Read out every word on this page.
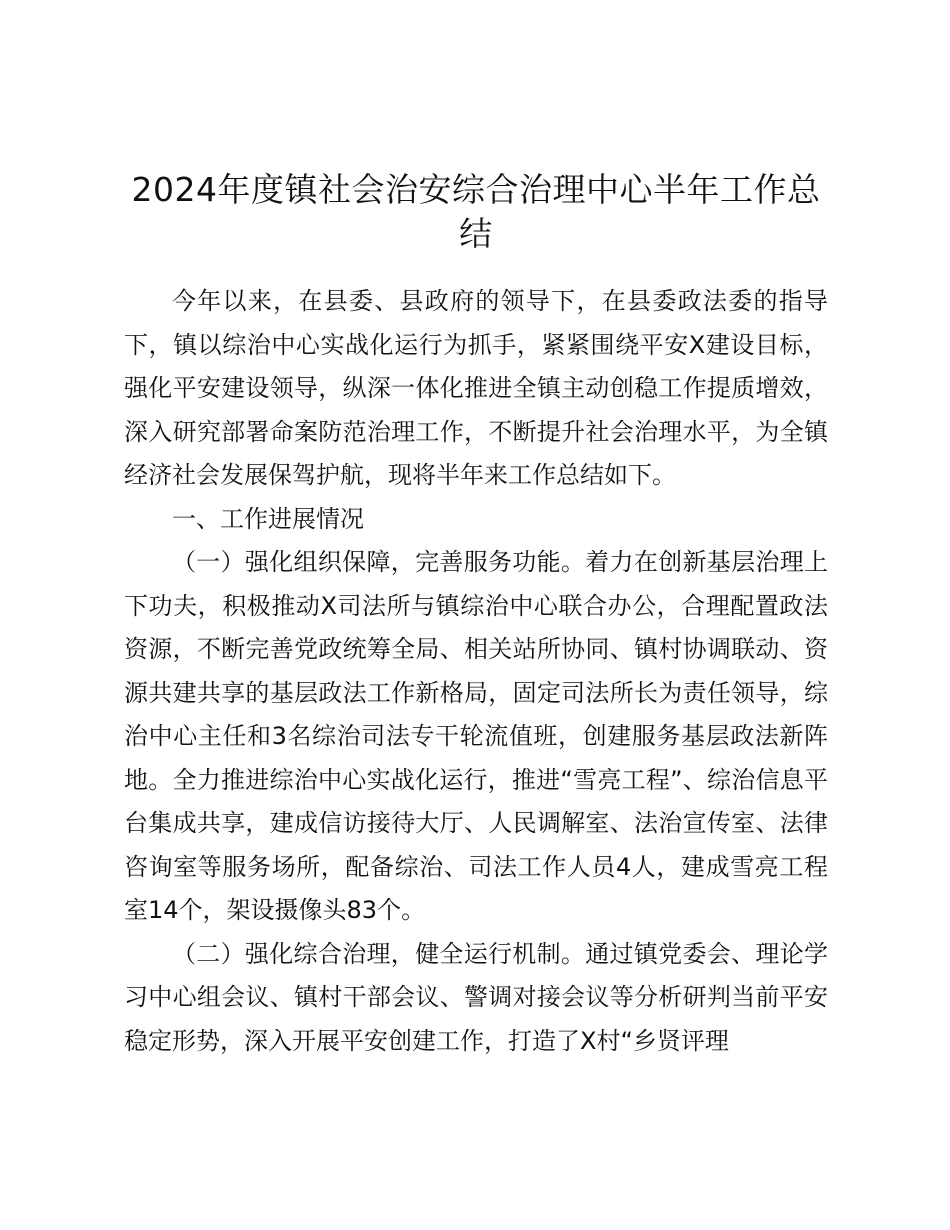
2024年度镇社会治安综合治理中心半年工作总结

今年以来，在县委、县政府的领导下，在县委政法委的指导下，镇以综治中心实战化运行为抓手，紧紧围绕平安X建设目标，强化平安建设领导，纵深一体化推进全镇主动创稳工作提质增效，深入研究部署命案防范治理工作，不断提升社会治理水平，为全镇经济社会发展保驾护航，现将半年来工作总结如下。

一、工作进展情况

（一）强化组织保障，完善服务功能。着力在创新基层治理上下功夫，积极推动X司法所与镇综治中心联合办公，合理配置政法资源，不断完善党政统筹全局、相关站所协同、镇村协调联动、资源共建共享的基层政法工作新格局，固定司法所长为责任领导，综治中心主任和3名综治司法专干轮流值班，创建服务基层政法新阵地。全力推进综治中心实战化运行，推进“雪亮工程”、综治信息平台集成共享，建成信访接待大厅、人民调解室、法治宣传室、法律咨询室等服务场所，配备综治、司法工作人员4人，建成雪亮工程室14个，架设摄像头83个。

（二）强化综合治理，健全运行机制。通过镇党委会、理论学习中心组会议、镇村干部会议、警调对接会议等分析研判当前平安稳定形势，深入开展平安创建工作，打造了X村“乡贤评理
